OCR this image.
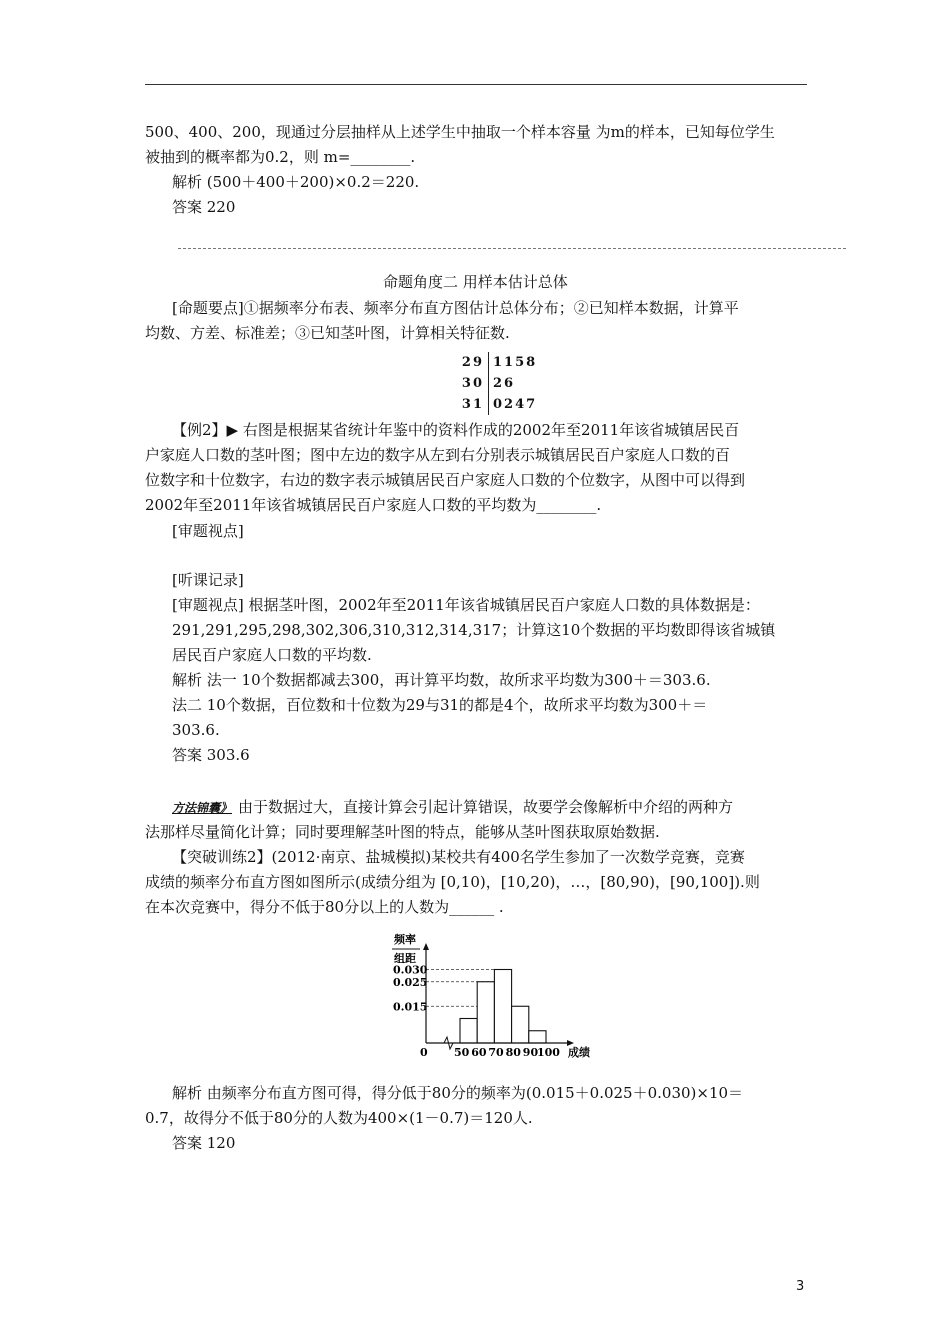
500、400、200，现通过分层抽样从上述学生中抽取一个样本容量 为m的样本，已知每位学生
被抽到的概率都为0.2，则 m=________.
解析 (500＋400＋200)×0.2＝220.
答案 220
命题角度二 用样本估计总体
[命题要点]①据频率分布表、频率分布直方图估计总体分布；②已知样本数据，计算平
均数、方差、标准差；③已知茎叶图，计算相关特征数.
29 1158
30 26
31 0247
【例2】▶ 右图是根据某省统计年鉴中的资料作成的2002年至2011年该省城镇居民百
户家庭人口数的茎叶图；图中左边的数字从左到右分别表示城镇居民百户家庭人口数的百
位数字和十位数字，右边的数字表示城镇居民百户家庭人口数的个位数字，从图中可以得到
2002年至2011年该省城镇居民百户家庭人口数的平均数为________.
[审题视点]
[听课记录]
[审题视点] 根据茎叶图，2002年至2011年该省城镇居民百户家庭人口数的具体数据是：
291,291,295,298,302,306,310,312,314,317；计算这10个数据的平均数即得该省城镇
居民百户家庭人口数的平均数.
解析 法一 10个数据都减去300，再计算平均数，故所求平均数为300＋＝303.6.
法二 10个数据，百位数和十位数为29与31的都是4个，故所求平均数为300＋＝
303.6.
答案 303.6
方法锦囊》 由于数据过大，直接计算会引起计算错误，故要学会像解析中介绍的两种方
法那样尽量简化计算；同时要理解茎叶图的特点，能够从茎叶图获取原始数据.
【突破训练2】(2012·南京、盐城模拟)某校共有400名学生参加了一次数学竞赛，竞赛
成绩的频率分布直方图如图所示(成绩分组为 [0,10)，[10,20)，…，[80,90)，[90,100]).则
在本次竞赛中，得分不低于80分以上的人数为______ .
频率
组距
0.030
0.025
0.015
50 60 70 80 90
100
0	成绩
解析 由频率分布直方图可得，得分低于80分的频率为(0.015＋0.025＋0.030)×10＝
0.7，故得分不低于80分的人数为400×(1－0.7)＝120人.
答案 120
3
